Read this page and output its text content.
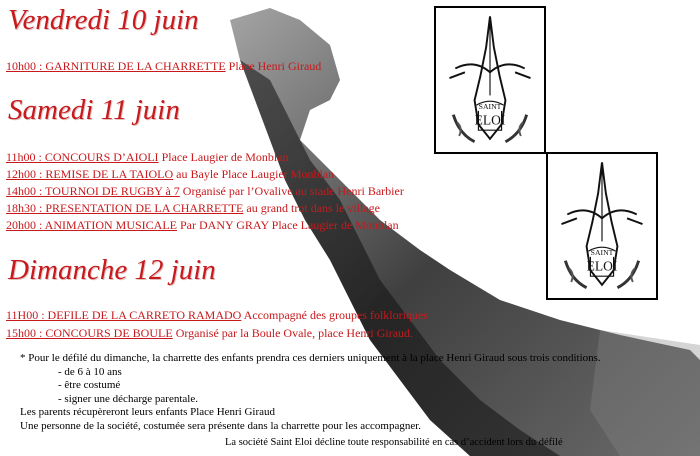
Vendredi 10 juin
10h00 : GARNITURE DE LA CHARRETTE Place Henri Giraud
Samedi 11 juin
11h00 : CONCOURS D’AIOLI Place Laugier de Monblan
12h00 : REMISE DE LA TAIOLO au Bayle Place Laugier Monblan
14h00 : TOURNOI DE RUGBY à 7 Organisé par l’Ovalive au stade Henri Barbier
18h30 : PRESENTATION DE LA CHARRETTE au grand trot dans le village
20h00 : ANIMATION MUSICALE Par DANY GRAY Place Laugier de Monblan
Dimanche 12 juin
11H00 : DEFILE DE LA CARRETO RAMADO Accompagné des groupes folkloriques
15h00 : CONCOURS DE BOULE Organisé par la Boule Ovale, place Henri Giraud.
* Pour le défilé du dimanche, la charrette des enfants prendra ces derniers uniquement à la place Henri Giraud sous trois conditions.
- de 6 à 10 ans
- être costumé
- signer une décharge parentale.
Les parents récupèreront leurs enfants Place Henri Giraud
Une personne de la société, costumée sera présente dans la charrette pour les accompagner.
La société Saint Eloi décline toute responsabilité en cas d’accident lors du défilé
SAINT
ELOI
SAINT
ELOI
